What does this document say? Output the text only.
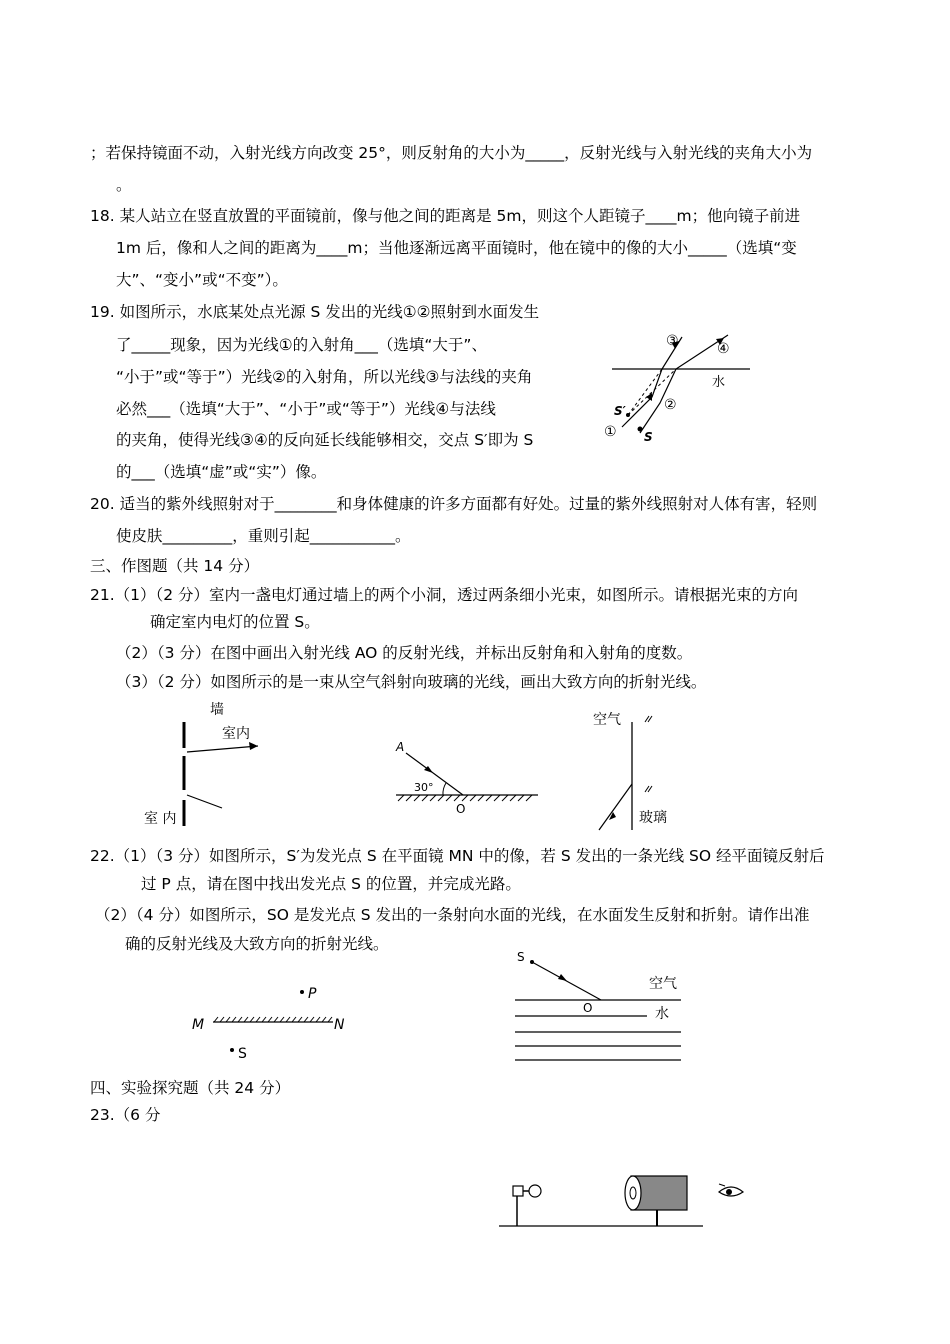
；若保持镜面不动，入射光线方向改变 25°，则反射角的大小为_____，反射光线与入射光线的夹角大小为
。
18. 某人站立在竖直放置的平面镜前，像与他之间的距离是 5m，则这个人距镜子____m；他向镜子前进
1m 后，像和人之间的距离为____m；当他逐渐远离平面镜时，他在镜中的像的大小_____（选填“变
大”、“变小”或“不变”）。
19. 如图所示，水底某处点光源 S 发出的光线①②照射到水面发生
了_____现象，因为光线①的入射角___（选填“大于”、
“小于”或“等于”）光线②的入射角，所以光线③与法线的夹角
必然___（选填“大于”、“小于”或“等于”）光线④与法线
的夹角，使得光线③④的反向延长线能够相交，交点 S′即为 S
的___（选填“虚”或“实”）像。
③	④
水
②
S′
① S
20. 适当的紫外线照射对于________和身体健康的许多方面都有好处。过量的紫外线照射对人体有害，轻则
使皮肤_________，重则引起___________。
三、作图题（共 14 分）
21.（1）（2 分）室内一盏电灯通过墙上的两个小洞，透过两条细小光束，如图所示。请根据光束的方向
确定室内电灯的位置 S。
（2）（3 分）在图中画出入射光线 AO 的反射光线，并标出反射角和入射角的度数。
（3）（2 分）如图所示的是一束从空气斜射向玻璃的光线，画出大致方向的折射光线。
墙
室内
室 内
A
30°
O
空气
玻璃
22.（1）（3 分）如图所示，S′为发光点 S 在平面镜 MN 中的像，若 S 发出的一条光线 SO 经平面镜反射后
过 P 点，请在图中找出发光点 S 的位置，并完成光路。
（2）（4 分）如图所示，SO 是发光点 S 发出的一条射向水面的光线，在水面发生反射和折射。请作出准
确的反射光线及大致方向的折射光线。
P
M	N
S
S
空气
O	水
四、实验探究题（共 24 分）
23.（6 分
